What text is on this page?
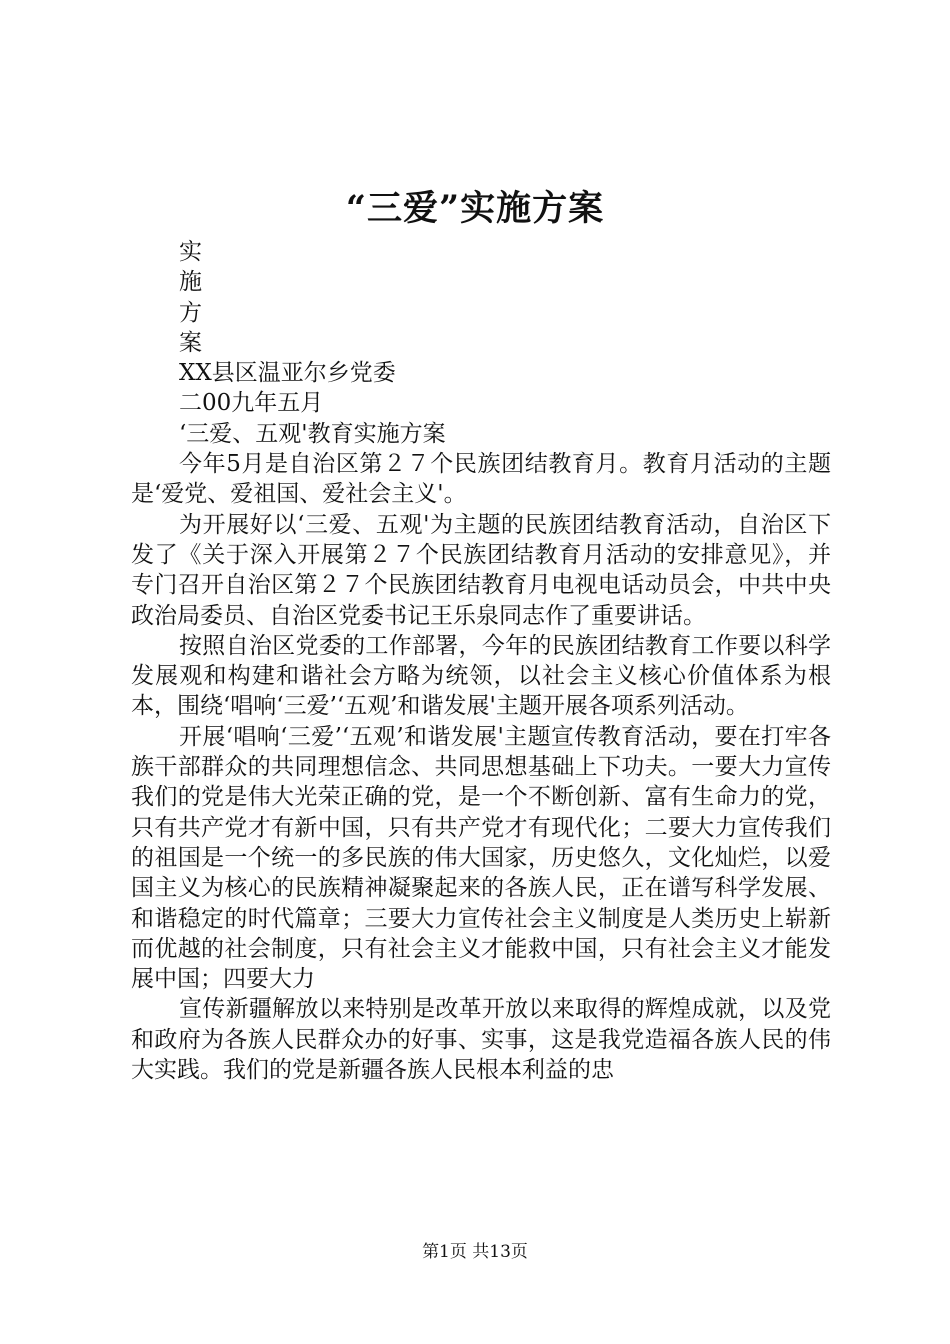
“三爱”实施方案
实
施
方
案
XX县区温亚尔乡党委
二00九年五月
‘三爱、五观'教育实施方案

今年5月是自治区第２７个民族团结教育月。教育月活动的主题是‘爱党、爱祖国、爱社会主义'。

为开展好以‘三爱、五观'为主题的民族团结教育活动，自治区下发了《关于深入开展第２７个民族团结教育月活动的安排意见》，并专门召开自治区第２７个民族团结教育月电视电话动员会，中共中央政治局委员、自治区党委书记王乐泉同志作了重要讲话。

按照自治区党委的工作部署，今年的民族团结教育工作要以科学发展观和构建和谐社会方略为统领，以社会主义核心价值体系为根本，围绕‘唱响‘三爱’‘五观’和谐发展'主题开展各项系列活动。

开展‘唱响‘三爱’‘五观’和谐发展'主题宣传教育活动，要在打牢各族干部群众的共同理想信念、共同思想基础上下功夫。一要大力宣传我们的党是伟大光荣正确的党，是一个不断创新、富有生命力的党，只有共产党才有新中国，只有共产党才有现代化；二要大力宣传我们的祖国是一个统一的多民族的伟大国家，历史悠久，文化灿烂，以爱国主义为核心的民族精神凝聚起来的各族人民，正在谱写科学发展、和谐稳定的时代篇章；三要大力宣传社会主义制度是人类历史上崭新而优越的社会制度，只有社会主义才能救中国，只有社会主义才能发展中国；四要大力

宣传新疆解放以来特别是改革开放以来取得的辉煌成就，以及党和政府为各族人民群众办的好事、实事，这是我党造福各族人民的伟大实践。我们的党是新疆各族人民根本利益的忠

第1页 共13页
